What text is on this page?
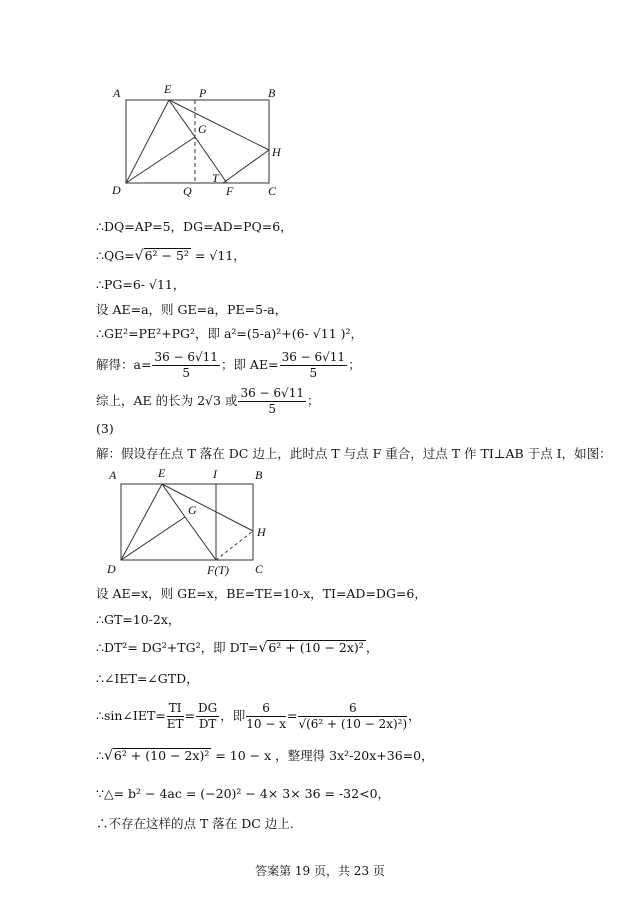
A	E P	B
G
H
D	Q
T
F	C
A	E	I	B
G
H
D	F(T) C
∴DQ=AP=5，DG=AD=PQ=6，
∴QG=√6² − 5² = √11，
∴PG=6- √11，
设 AE=a，则 GE=a，PE=5-a，
∴GE²=PE²+PG²，即 a²=(5-a)²+(6- √11 )²，
解得：$a= \frac{36 - 6√11}{5}$ ；即 $AE= \frac{36 - 6√11}{5}$ ；
综上，AE 的长为 2√3 或 $\frac{36 - 6√11}{5}$ ；
(3)
解：假设存在点 T 落在 DC 边上，此时点 T 与点 F 重合，过点 T 作 TI⊥AB 于点 I，如图：
设 AE=x，则 GE=x，BE=TE=10-x，TI=AD=DG=6，
∴GT=10-2x，
∴DT²= DG²+TG²，即 DT=√6² + (10 − 2x)² ，
∴∠IET=∠GTD，
∴sin∠IET= $\frac{TI}{ET} = \frac{DG}{DT}$ ，即 $\frac{6}{10 - x} = \frac{6}{\text{√(6² + (10 − 2x)²)}}$ ，
∴√6² + (10 − 2x)² = 10 − x ，整理得 3x²-20x+36=0，
∵△= b² − 4ac = (−20)² − 4× 3× 36 = -32<0，
∴不存在这样的点 T 落在 DC 边上.
答案第 19 页，共 23 页
